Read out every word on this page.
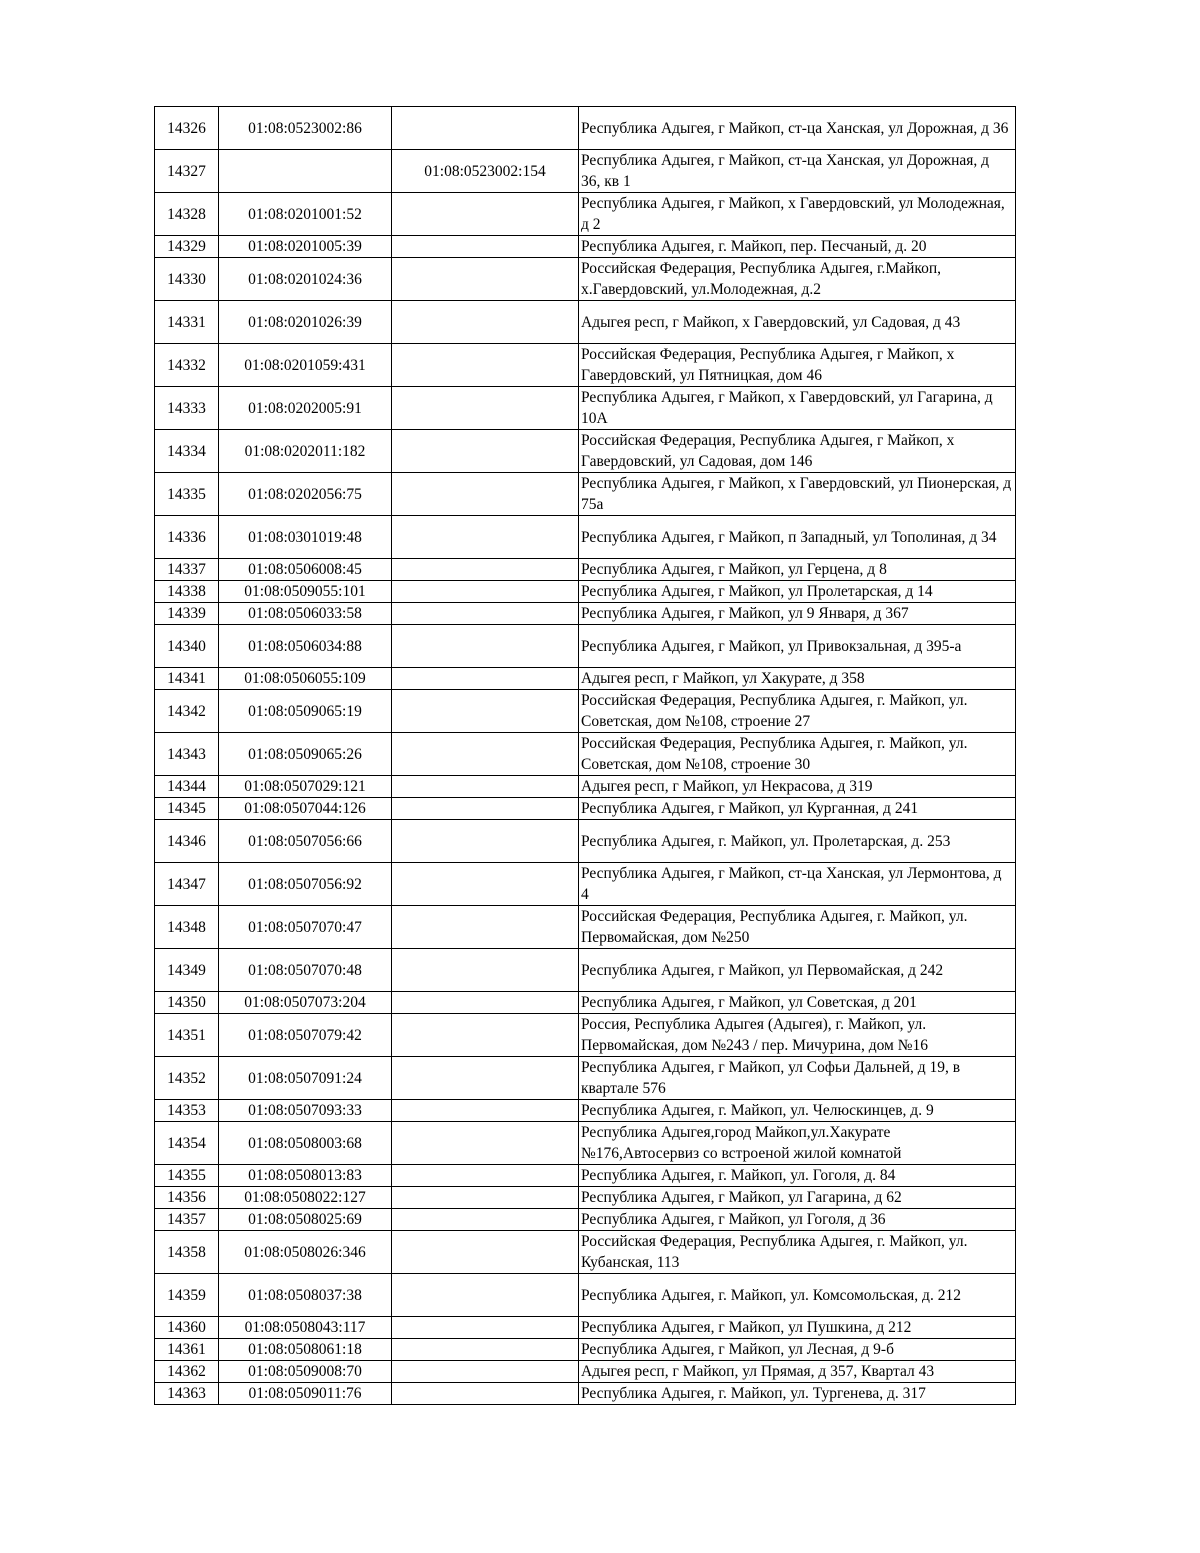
14326	01:08:0523002:86		Республика Адыгея, г Майкоп, ст-ца Ханская, ул Дорожная, д 36
14327		01:08:0523002:154	Республика Адыгея, г Майкоп, ст-ца Ханская, ул Дорожная, д 36, кв 1
14328	01:08:0201001:52		Республика Адыгея, г Майкоп, х Гавердовский, ул Молодежная, д 2
14329	01:08:0201005:39		Республика Адыгея, г. Майкоп, пер. Песчаный, д. 20
14330	01:08:0201024:36		Российская Федерация, Республика Адыгея, г.Майкоп, х.Гавердовский, ул.Молодежная, д.2
14331	01:08:0201026:39		Адыгея респ, г Майкоп, х Гавердовский, ул Садовая, д 43
14332	01:08:0201059:431		Российская Федерация, Республика Адыгея, г Майкоп, х Гавердовский, ул Пятницкая, дом 46
14333	01:08:0202005:91		Республика Адыгея, г Майкоп, х Гавердовский, ул Гагарина, д 10А
14334	01:08:0202011:182		Российская Федерация, Республика Адыгея, г Майкоп, х Гавердовский, ул Садовая, дом 146
14335	01:08:0202056:75		Республика Адыгея, г Майкоп, х Гавердовский, ул Пионерская, д 75а
14336	01:08:0301019:48		Республика Адыгея, г Майкоп, п Западный, ул Тополиная, д 34
14337	01:08:0506008:45		Республика Адыгея, г Майкоп, ул Герцена, д 8
14338	01:08:0509055:101		Республика Адыгея, г Майкоп, ул Пролетарская, д 14
14339	01:08:0506033:58		Республика Адыгея, г Майкоп, ул 9 Января, д 367
14340	01:08:0506034:88		Республика Адыгея, г Майкоп, ул Привокзальная, д 395-а
14341	01:08:0506055:109		Адыгея респ, г Майкоп, ул Хакурате, д 358
14342	01:08:0509065:19		Российская Федерация, Республика Адыгея, г. Майкоп, ул. Советская, дом №108, строение 27
14343	01:08:0509065:26		Российская Федерация, Республика Адыгея, г. Майкоп, ул. Советская, дом №108, строение 30
14344	01:08:0507029:121		Адыгея респ, г Майкоп, ул Некрасова, д 319
14345	01:08:0507044:126		Республика Адыгея, г Майкоп, ул Курганная, д 241
14346	01:08:0507056:66		Республика Адыгея, г. Майкоп, ул. Пролетарская, д. 253
14347	01:08:0507056:92		Республика Адыгея, г Майкоп, ст-ца Ханская, ул Лермонтова, д 4
14348	01:08:0507070:47		Российская Федерация, Республика Адыгея, г. Майкоп, ул. Первомайская, дом №250
14349	01:08:0507070:48		Республика Адыгея, г Майкоп, ул Первомайская, д 242
14350	01:08:0507073:204		Республика Адыгея, г Майкоп, ул Советская, д 201
14351	01:08:0507079:42		Россия, Республика Адыгея (Адыгея), г. Майкоп, ул. Первомайская, дом №243 / пер. Мичурина, дом №16
14352	01:08:0507091:24		Республика Адыгея, г Майкоп, ул Софьи Дальней, д 19, в квартале 576
14353	01:08:0507093:33		Республика Адыгея, г. Майкоп, ул. Челюскинцев, д. 9
14354	01:08:0508003:68		Республика Адыгея,город Майкоп,ул.Хакурате №176,Автосервиз со встроеной жилой комнатой
14355	01:08:0508013:83		Республика Адыгея, г. Майкоп, ул. Гоголя, д. 84
14356	01:08:0508022:127		Республика Адыгея, г Майкоп, ул Гагарина, д 62
14357	01:08:0508025:69		Республика Адыгея, г Майкоп, ул Гоголя, д 36
14358	01:08:0508026:346		Российская Федерация, Республика Адыгея, г. Майкоп, ул. Кубанская, 113
14359	01:08:0508037:38		Республика Адыгея, г. Майкоп, ул. Комсомольская, д. 212
14360	01:08:0508043:117		Республика Адыгея, г Майкоп, ул Пушкина, д 212
14361	01:08:0508061:18		Республика Адыгея, г Майкоп, ул Лесная, д 9-б
14362	01:08:0509008:70		Адыгея респ, г Майкоп, ул Прямая, д 357, Квартал 43
14363	01:08:0509011:76		Республика Адыгея, г. Майкоп, ул. Тургенева, д. 317
